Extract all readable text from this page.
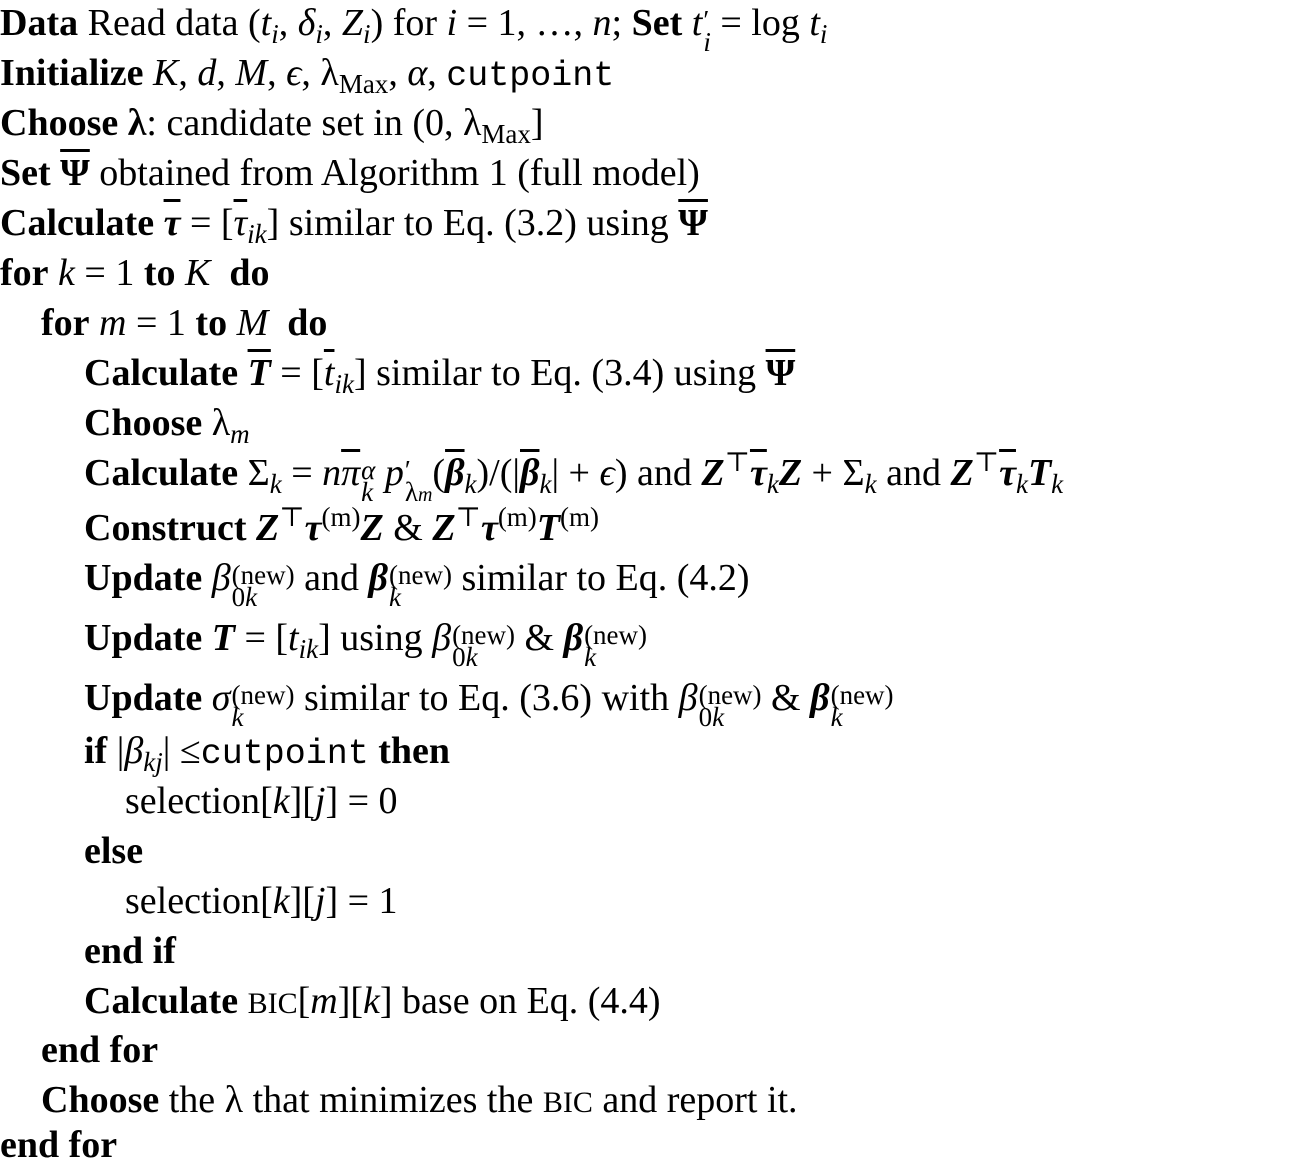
Data Read data ($t_i$, $\delta_i$, $Z_i$) for i = 1, …, n; Set t ′
$i = \log t_i$
Initialize K, d, M, ϵ, $\lambda_{Max}$, α, cutpoint
Choose λ: candidate set in (0, $\lambda_{Max}$]
Set $\overline{\Psi}$ obtained from Algorithm 1 (full model)
Calculate $\overline{\tau} = [\overline{\tau}_{ik}]$ similar to Eq. (3.2) using $\overline{\Psi}$
for k = 1 to K do
for m = 1 to M do
Calculate $\overline{T} = [\overline{t}_{ik}]$ similar to Eq. (3.4) using $\overline{\Psi}$
Choose $\lambda_m$
Calculate $\Sigma_k = n\overline{\pi}$ α
k p ′
λm
$(\overline{\beta}_k)/(|\overline{\beta}_k| + \epsilon)$ and $Z^⊤\overline{\tau}_kZ + \Sigma_k$ and $Z^⊤\overline{\tau}_kT_k$
Construct $Z^⊤\tau^{(m)}Z$ & $Z^⊤\tau^{(m)}T^{(m)}$
Update β (new)
0k	and β (new)
k	similar to Eq. (4.2)
Update $T = [t_{ik}]$ using β (new)
0k & β (new)
k
Update σ (new)
k	similar to Eq. (3.6) with β (new)
0k & β (new)
k
if $|\beta_{kj}|$ ≤cutpoint then
selection[k][j] = 0
else
selection[k][j] = 1
end if
Calculate BIC[m][k] base on Eq. (4.4)
end for
Choose the λ that minimizes the BIC and report it.
end for
